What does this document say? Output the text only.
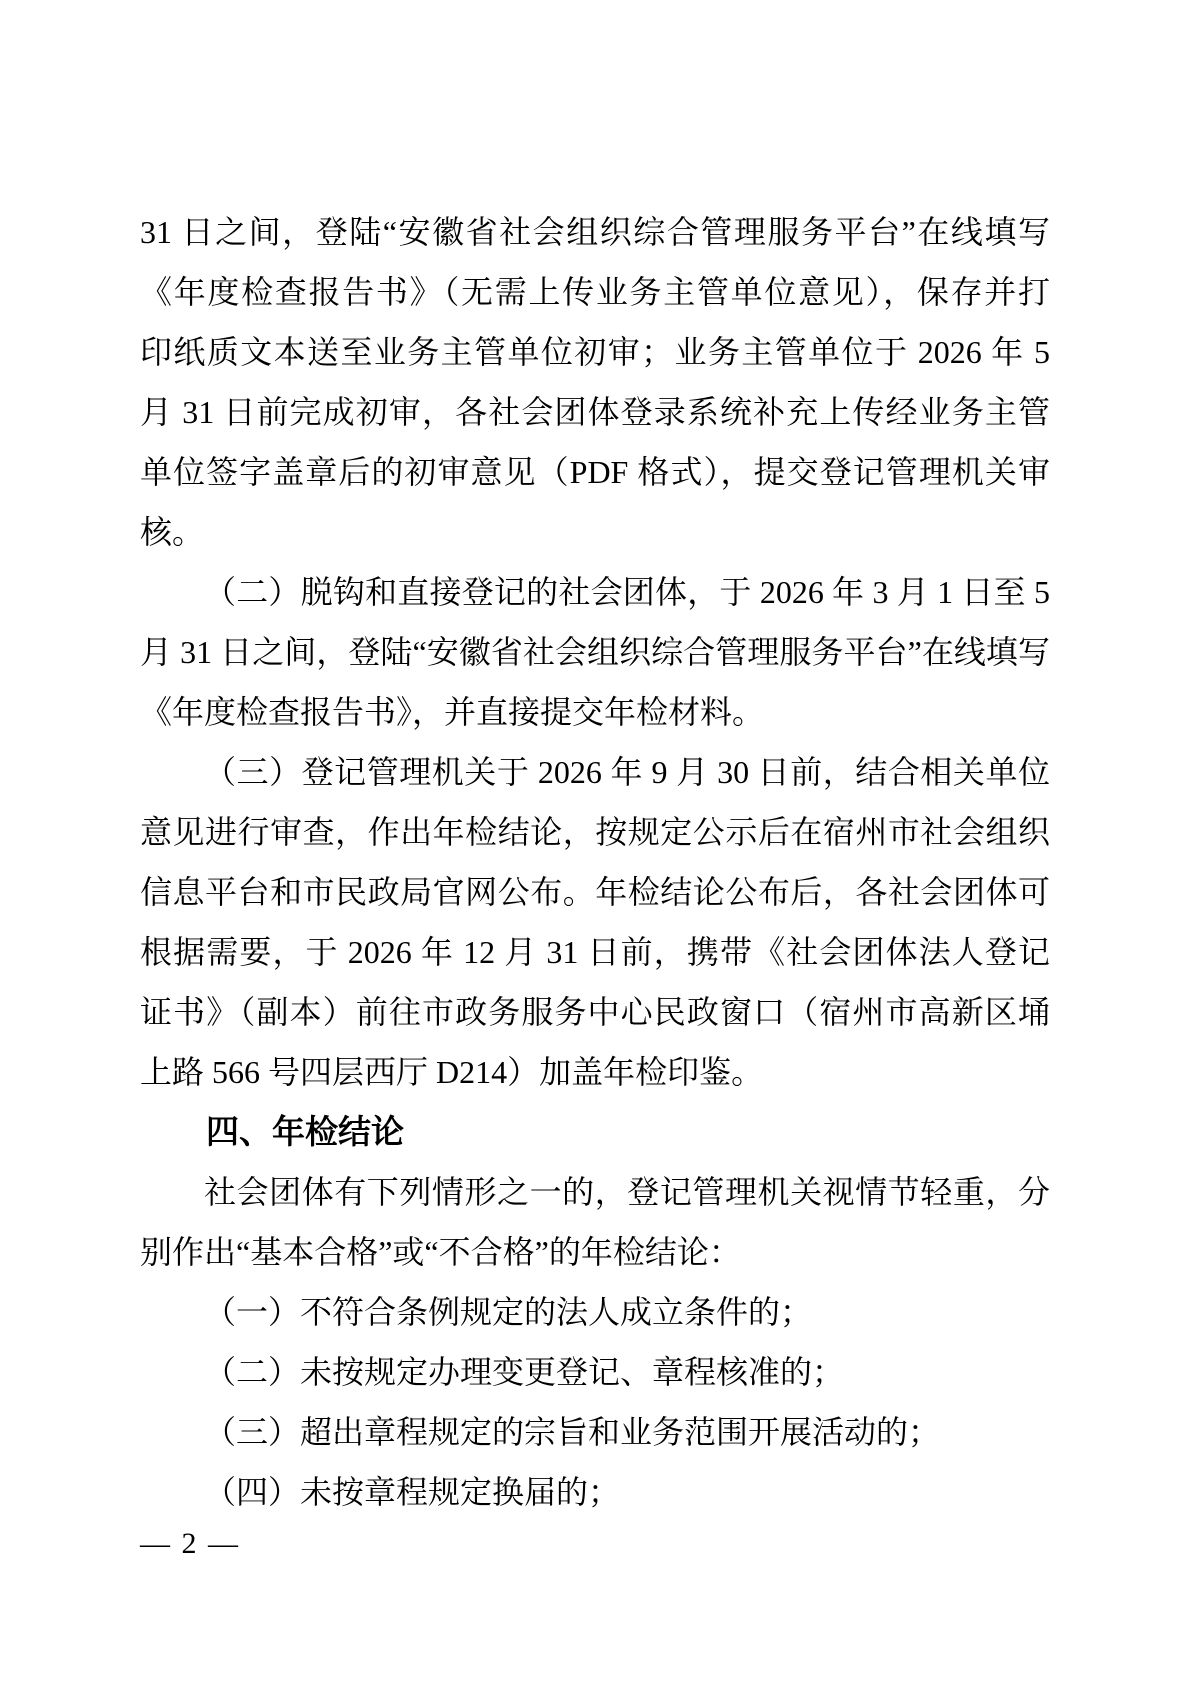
31 日之间，登陆“安徽省社会组织综合管理服务平台”在线填写
《年度检查报告书》（无需上传业务主管单位意见），保存并打
印纸质文本送至业务主管单位初审；业务主管单位于 2026 年 5
月 31 日前完成初审，各社会团体登录系统补充上传经业务主管
单位签字盖章后的初审意见（PDF 格式），提交登记管理机关审
核。
（二）脱钩和直接登记的社会团体，于 2026 年 3 月 1 日至 5
月 31 日之间，登陆“安徽省社会组织综合管理服务平台”在线填写
《年度检查报告书》，并直接提交年检材料。
（三）登记管理机关于 2026 年 9 月 30 日前，结合相关单位
意见进行审查，作出年检结论，按规定公示后在宿州市社会组织
信息平台和市民政局官网公布。年检结论公布后，各社会团体可
根据需要，于 2026 年 12 月 31 日前，携带《社会团体法人登记
证书》（副本）前往市政务服务中心民政窗口（宿州市高新区埇
上路 566 号四层西厅 D214）加盖年检印鉴。
四、年检结论
社会团体有下列情形之一的，登记管理机关视情节轻重，分
别作出“基本合格”或“不合格”的年检结论：
（一）不符合条例规定的法人成立条件的；
（二）未按规定办理变更登记、章程核准的；
（三）超出章程规定的宗旨和业务范围开展活动的；
（四）未按章程规定换届的；
— 2 —
